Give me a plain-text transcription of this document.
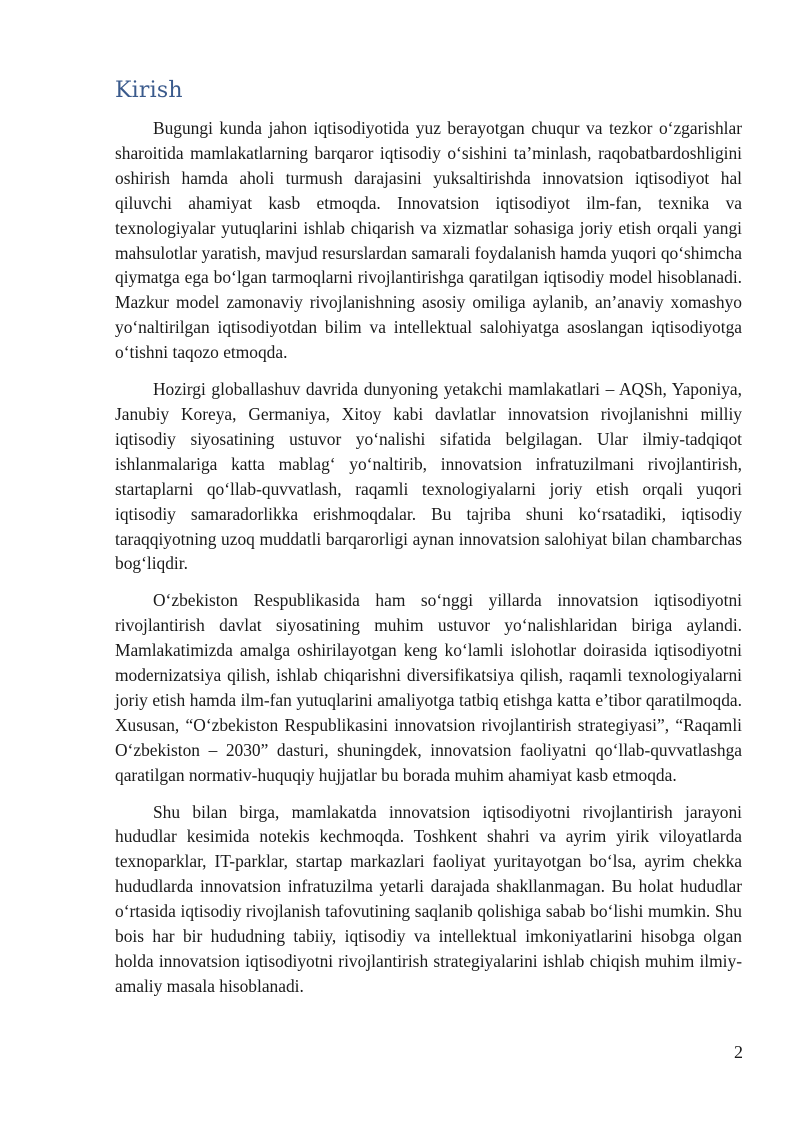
Kirish

Bugungi kunda jahon iqtisodiyotida yuz berayotgan chuqur va tezkor o‘zgarishlar sharoitida mamlakatlarning barqaror iqtisodiy o‘sishini ta’minlash, raqobatbardoshligini oshirish hamda aholi turmush darajasini yuksaltirishda innovatsion iqtisodiyot hal qiluvchi ahamiyat kasb etmoqda. Innovatsion iqtisodiyot ilm-fan, texnika va texnologiyalar yutuqlarini ishlab chiqarish va xizmatlar sohasiga joriy etish orqali yangi mahsulotlar yaratish, mavjud resurslardan samarali foydalanish hamda yuqori qo‘shimcha qiymatga ega bo‘lgan tarmoqlarni rivojlantirishga qaratilgan iqtisodiy model hisoblanadi. Mazkur model zamonaviy rivojlanishning asosiy omiliga aylanib, an’anaviy xomashyo yo‘naltirilgan iqtisodiyotdan bilim va intellektual salohiyatga asoslangan iqtisodiyotga o‘tishni taqozo etmoqda.

Hozirgi globallashuv davrida dunyoning yetakchi mamlakatlari – AQSh, Yaponiya, Janubiy Koreya, Germaniya, Xitoy kabi davlatlar innovatsion rivojlanishni milliy iqtisodiy siyosatining ustuvor yo‘nalishi sifatida belgilagan. Ular ilmiy-tadqiqot ishlanmalariga katta mablag‘ yo‘naltirib, innovatsion infratuzilmani rivojlantirish, startaplarni qo‘llab-quvvatlash, raqamli texnologiyalarni joriy etish orqali yuqori iqtisodiy samaradorlikka erishmoqdalar. Bu tajriba shuni ko‘rsatadiki, iqtisodiy taraqqiyotning uzoq muddatli barqarorligi aynan innovatsion salohiyat bilan chambarchas bog‘liqdir.

O‘zbekiston Respublikasida ham so‘nggi yillarda innovatsion iqtisodiyotni rivojlantirish davlat siyosatining muhim ustuvor yo‘nalishlaridan biriga aylandi. Mamlakatimizda amalga oshirilayotgan keng ko‘lamli islohotlar doirasida iqtisodiyotni modernizatsiya qilish, ishlab chiqarishni diversifikatsiya qilish, raqamli texnologiyalarni joriy etish hamda ilm-fan yutuqlarini amaliyotga tatbiq etishga katta e’tibor qaratilmoqda. Xususan, “O‘zbekiston Respublikasini innovatsion rivojlantirish strategiyasi”, “Raqamli O‘zbekiston – 2030” dasturi, shuningdek, innovatsion faoliyatni qo‘llab-quvvatlashga qaratilgan normativ-huquqiy hujjatlar bu borada muhim ahamiyat kasb etmoqda.

Shu bilan birga, mamlakatda innovatsion iqtisodiyotni rivojlantirish jarayoni hududlar kesimida notekis kechmoqda. Toshkent shahri va ayrim yirik viloyatlarda texnoparklar, IT-parklar, startap markazlari faoliyat yuritayotgan bo‘lsa, ayrim chekka hududlarda innovatsion infratuzilma yetarli darajada shakllanmagan. Bu holat hududlar o‘rtasida iqtisodiy rivojlanish tafovutining saqlanib qolishiga sabab bo‘lishi mumkin. Shu bois har bir hududning tabiiy, iqtisodiy va intellektual imkoniyatlarini hisobga olgan holda innovatsion iqtisodiyotni rivojlantirish strategiyalarini ishlab chiqish muhim ilmiy-amaliy masala hisoblanadi.

2
